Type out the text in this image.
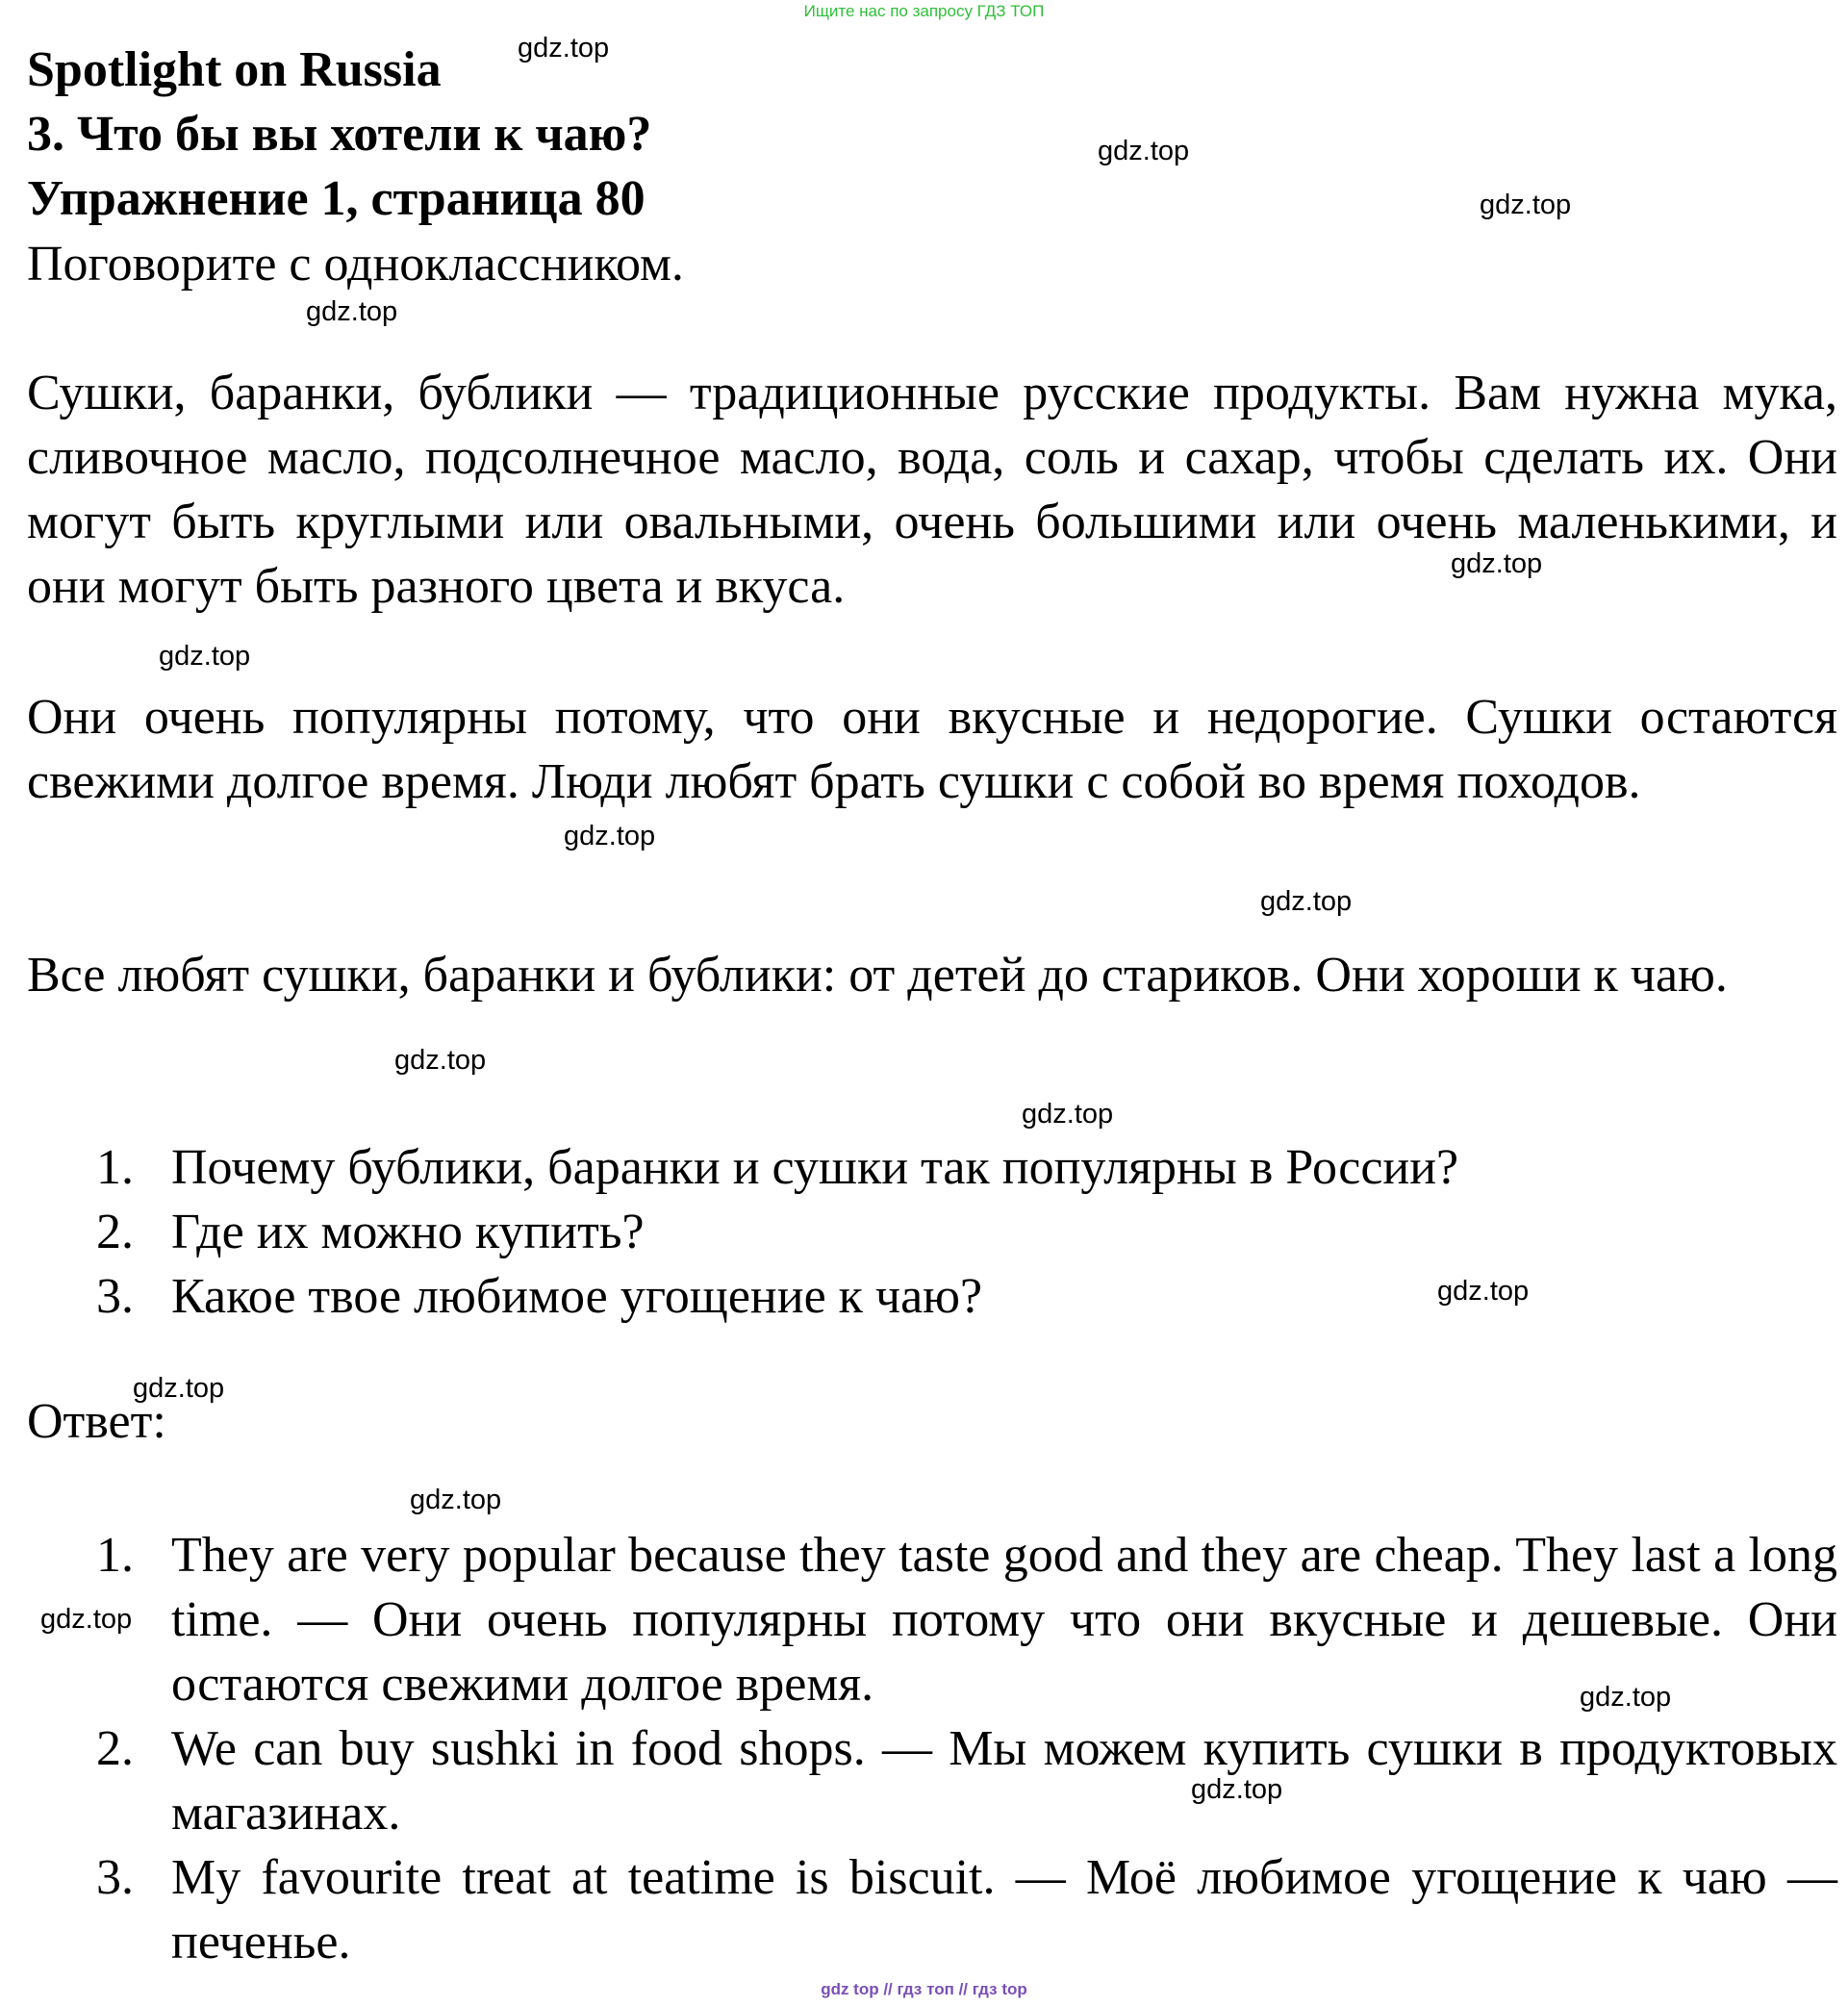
Ищите нас по запросу ГДЗ ТОП
Spotlight on Russia
3. Что бы вы хотели к чаю?
Упражнение 1, страница 80
Поговорите с одноклассником.

Сушки, баранки, бублики — традиционные русские продукты. Вам нужна мука, сливочное масло, подсолнечное масло, вода, соль и сахар, чтобы сделать их. Они могут быть круглыми или овальными, очень большими или очень маленькими, и они могут быть разного цвета и вкуса.

Они очень популярны потому, что они вкусные и недорогие. Сушки остаются свежими долгое время. Люди любят брать сушки с собой во время походов.

Все любят сушки, баранки и бублики: от детей до стариков. Они хороши к чаю.

1. Почему бублики, баранки и сушки так популярны в России?
2. Где их можно купить?
3. Какое твое любимое угощение к чаю?
Ответ:
1. They are very popular because they taste good and they are cheap. They last a long time. — Они очень популярны потому что они вкусные и дешевые. Они остаются свежими долгое время.
2. We can buy sushki in food shops. — Мы можем купить сушки в продуктовых магазинах.
3. My favourite treat at teatime is biscuit. — Моё любимое угощение к чаю — печенье.
gdz.top
gdz.top
gdz.top
gdz.top
gdz.top
gdz.top
gdz.top
gdz.top
gdz.top
gdz.top
gdz.top
gdz.top
gdz.top
gdz.top
gdz.top
gdz.top
gdz top // гдз топ // гдз top
